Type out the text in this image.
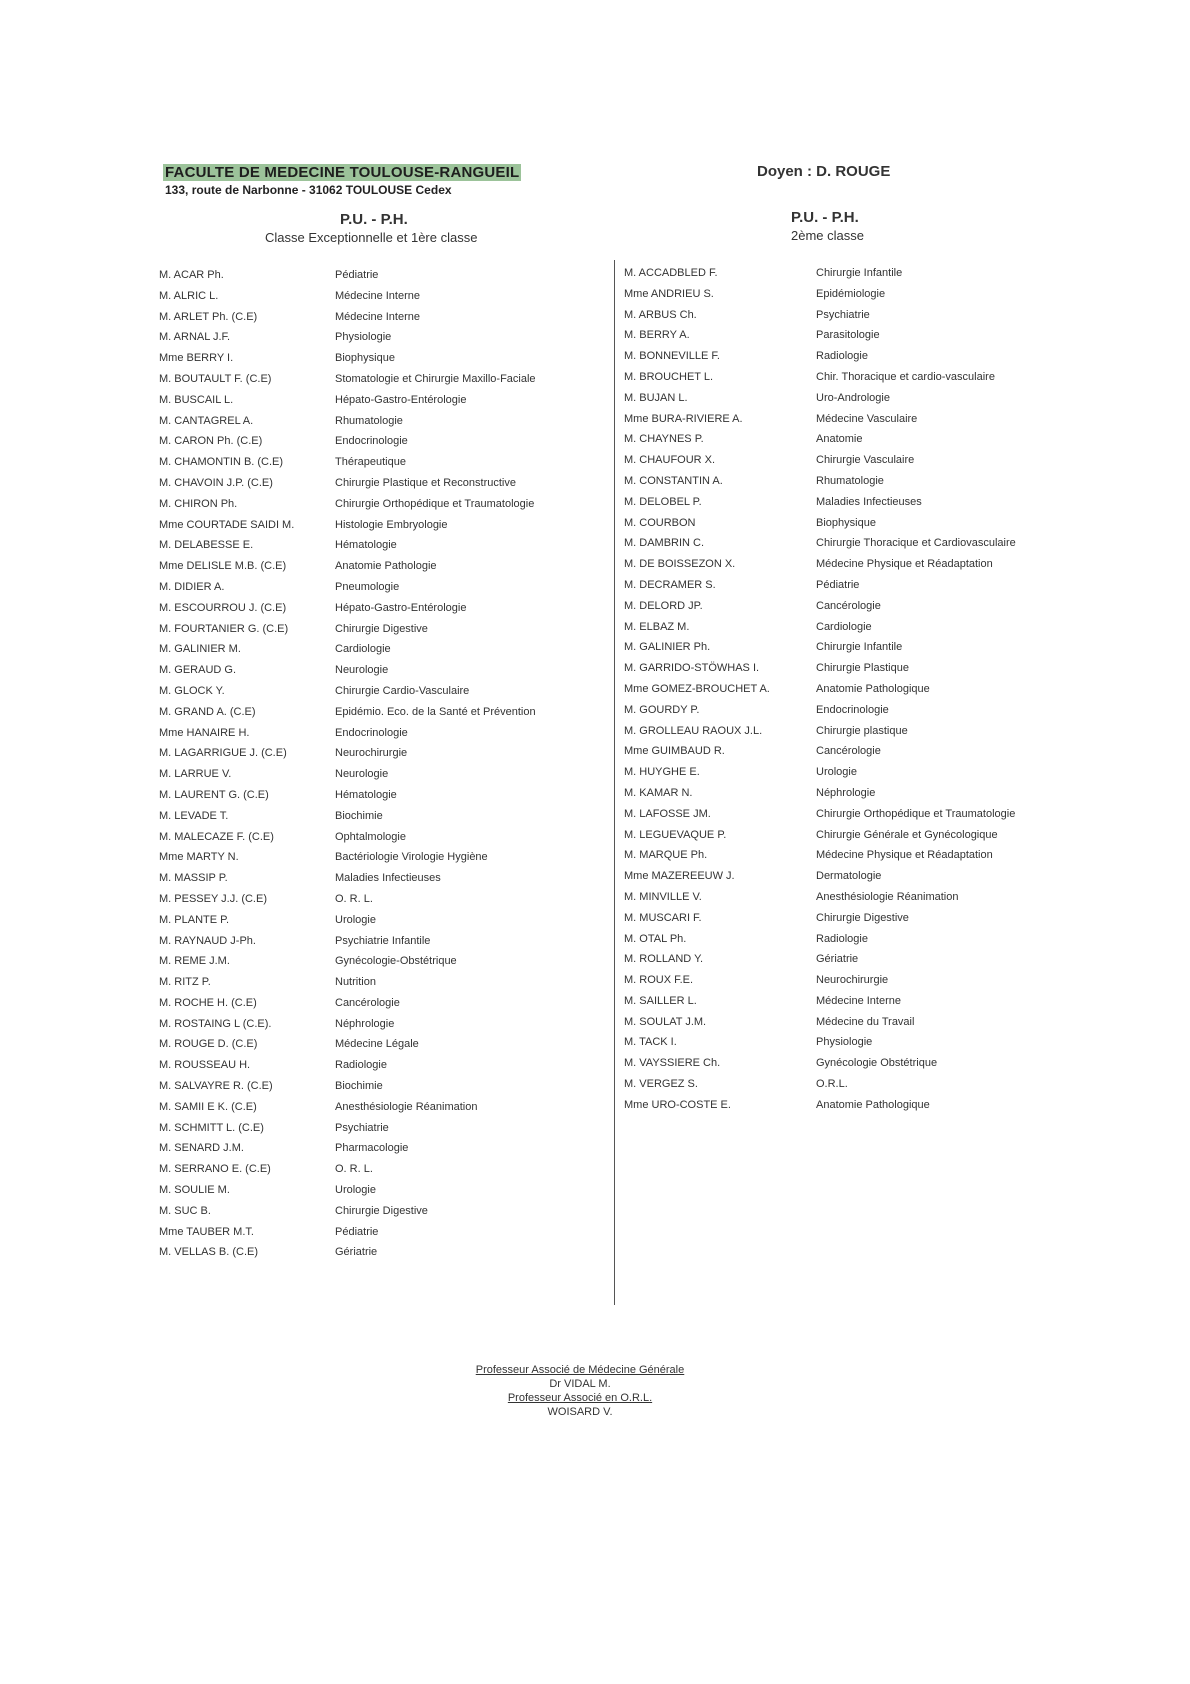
FACULTE DE MEDECINE TOULOUSE-RANGUEIL
133, route de Narbonne - 31062 TOULOUSE Cedex
Doyen : D. ROUGE
P.U. - P.H.
Classe Exceptionnelle et 1ère classe
P.U. - P.H.
2ème classe
M. ACAR Ph.	Pédiatrie
M. ALRIC L.	Médecine Interne
M. ARLET Ph. (C.E)	Médecine Interne
M. ARNAL J.F.	Physiologie
Mme BERRY I.	Biophysique
M. BOUTAULT F. (C.E)	Stomatologie et Chirurgie Maxillo-Faciale
M. BUSCAIL L.	Hépato-Gastro-Entérologie
M. CANTAGREL A.	Rhumatologie
M. CARON Ph. (C.E)	Endocrinologie
M. CHAMONTIN B. (C.E)	Thérapeutique
M. CHAVOIN J.P. (C.E)	Chirurgie Plastique et Reconstructive
M. CHIRON Ph.	Chirurgie Orthopédique et Traumatologie
Mme COURTADE SAIDI M.	Histologie Embryologie
M. DELABESSE E.	Hématologie
Mme DELISLE M.B. (C.E)	Anatomie Pathologie
M. DIDIER A.	Pneumologie
M. ESCOURROU J. (C.E)	Hépato-Gastro-Entérologie
M. FOURTANIER G. (C.E)	Chirurgie Digestive
M. GALINIER M.	Cardiologie
M. GERAUD G.	Neurologie
M. GLOCK Y.	Chirurgie Cardio-Vasculaire
M. GRAND A. (C.E)	Epidémio. Eco. de la Santé et Prévention
Mme HANAIRE H.	Endocrinologie
M. LAGARRIGUE J. (C.E)	Neurochirurgie
M. LARRUE V.	Neurologie
M. LAURENT G. (C.E)	Hématologie
M. LEVADE T.	Biochimie
M. MALECAZE F. (C.E)	Ophtalmologie
Mme MARTY N.	Bactériologie Virologie Hygiène
M. MASSIP P.	Maladies Infectieuses
M. PESSEY J.J. (C.E)	O. R. L.
M. PLANTE P.	Urologie
M. RAYNAUD J-Ph.	Psychiatrie Infantile
M. REME J.M.	Gynécologie-Obstétrique
M. RITZ P.	Nutrition
M. ROCHE H. (C.E)	Cancérologie
M. ROSTAING L (C.E).	Néphrologie
M. ROUGE D. (C.E)	Médecine Légale
M. ROUSSEAU H.	Radiologie
M. SALVAYRE R. (C.E)	Biochimie
M. SAMII E K. (C.E)	Anesthésiologie Réanimation
M. SCHMITT L. (C.E)	Psychiatrie
M. SENARD J.M.	Pharmacologie
M. SERRANO E. (C.E)	O. R. L.
M. SOULIE M.	Urologie
M. SUC B.	Chirurgie Digestive
Mme TAUBER M.T.	Pédiatrie
M. VELLAS B. (C.E)	Gériatrie
M. ACCADBLED F.	Chirurgie Infantile
Mme ANDRIEU S.	Epidémiologie
M. ARBUS Ch.	Psychiatrie
M. BERRY A.	Parasitologie
M. BONNEVILLE F.	Radiologie
M. BROUCHET L.	Chir. Thoracique et cardio-vasculaire
M. BUJAN L.	Uro-Andrologie
Mme BURA-RIVIERE A.	Médecine Vasculaire
M. CHAYNES P.	Anatomie
M. CHAUFOUR X.	Chirurgie Vasculaire
M. CONSTANTIN A.	Rhumatologie
M. DELOBEL P.	Maladies Infectieuses
M. COURBON	Biophysique
M. DAMBRIN C.	Chirurgie Thoracique et Cardiovasculaire
M. DE BOISSEZON X.	Médecine Physique et Réadaptation
M. DECRAMER S.	Pédiatrie
M. DELORD JP.	Cancérologie
M. ELBAZ M.	Cardiologie
M. GALINIER Ph.	Chirurgie Infantile
M. GARRIDO-STÖWHAS I.	Chirurgie Plastique
Mme GOMEZ-BROUCHET A.	Anatomie Pathologique
M. GOURDY P.	Endocrinologie
M. GROLLEAU RAOUX J.L.	Chirurgie plastique
Mme GUIMBAUD R.	Cancérologie
M. HUYGHE E.	Urologie
M. KAMAR N.	Néphrologie
M. LAFOSSE JM.	Chirurgie Orthopédique et Traumatologie
M. LEGUEVAQUE P.	Chirurgie Générale et Gynécologique
M. MARQUE Ph.	Médecine Physique et Réadaptation
Mme MAZEREEUW J.	Dermatologie
M. MINVILLE V.	Anesthésiologie Réanimation
M. MUSCARI F.	Chirurgie Digestive
M. OTAL Ph.	Radiologie
M. ROLLAND Y.	Gériatrie
M. ROUX F.E.	Neurochirurgie
M. SAILLER L.	Médecine Interne
M. SOULAT J.M.	Médecine du Travail
M. TACK I.	Physiologie
M. VAYSSIERE Ch.	Gynécologie Obstétrique
M. VERGEZ S.	O.R.L.
Mme URO-COSTE E.	Anatomie Pathologique
Professeur Associé de Médecine Générale
Dr VIDAL M.
Professeur Associé en O.R.L.
WOISARD V.
